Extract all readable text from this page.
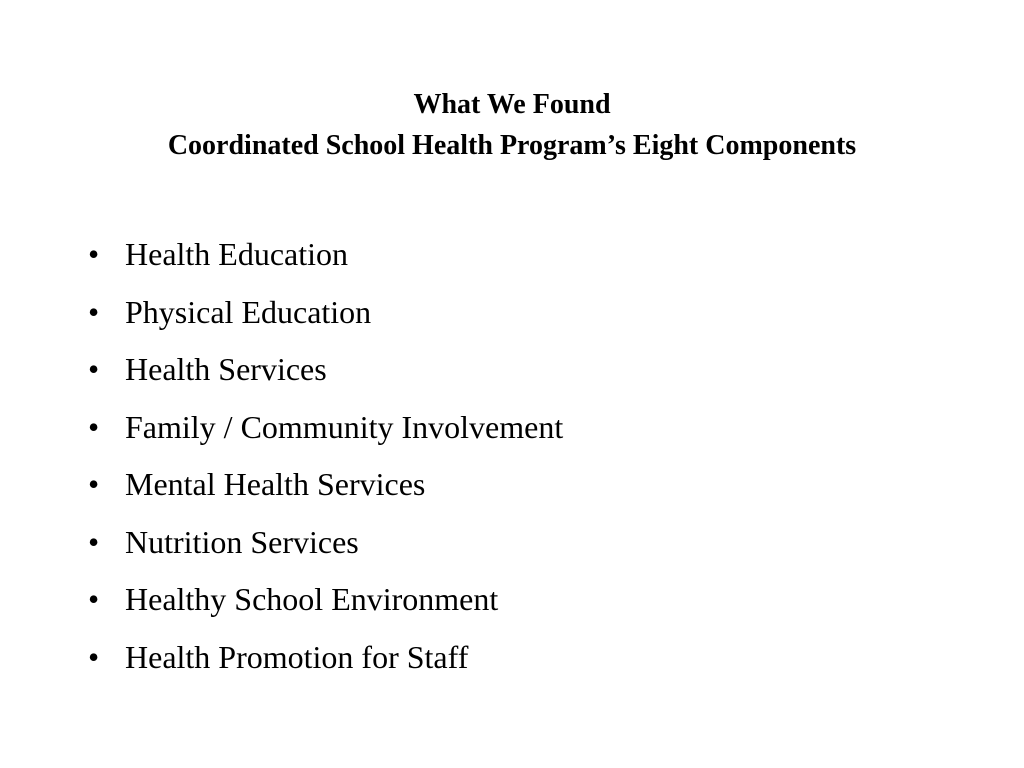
What We Found
Coordinated School Health Program’s Eight Components
• Health Education
• Physical Education
• Health Services
• Family / Community Involvement
• Mental Health Services
• Nutrition Services
• Healthy School Environment
• Health Promotion for Staff
